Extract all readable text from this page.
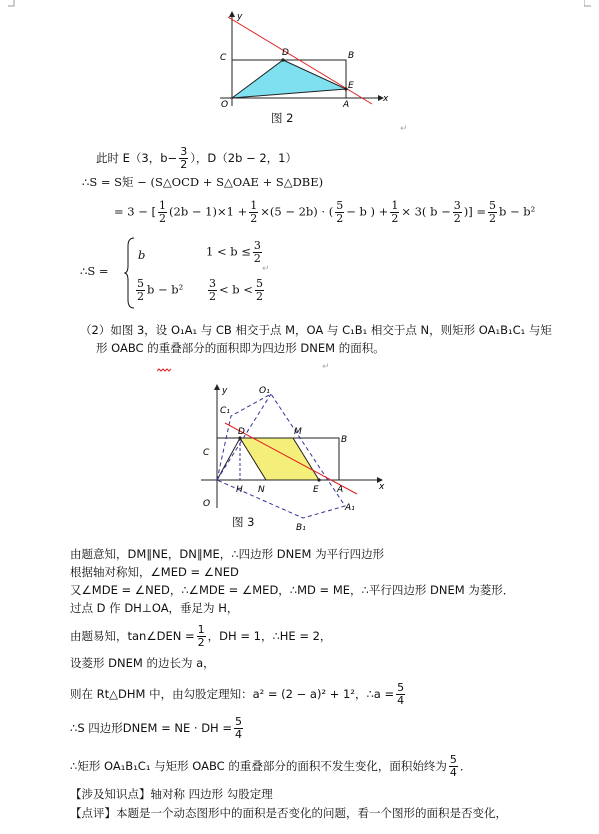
y
x
O
C	D	B
E
A
图 2
↵
此时 E（3，$b- \frac{3}{2}$ ），D（2b − 2，1）
∴S = S矩 − (S△OCD + S△OAE + S△DBE)
= 3 − [ $\frac{1}{2} (2b - 1)\times 1 + \frac{1}{2} \times(5 - 2b)$ · ( $\frac{5}{2} - b$ ) + $\frac{1}{2} \times 3$( $b - \frac{3}{2}$ )] = $\frac{5}{2}$ b − b²
∴S =
b	$1 < b \le \frac{3}{2}$
↵
$\frac{5}{2}$ $b - b^2 \frac{3}{2} < b < \frac{5}{2}$
（2）如图 3，设 O₁A₁ 与 CB 相交于点 M，OA 与 C₁B₁ 相交于点 N，则矩形 OA₁B₁C₁ 与矩
形 OABC 的重叠部分的面积即为四边形 DNEM 的面积。
↵
y
x
O
C
D	M
B
H N	E A
C₁
O₁
A₁
B₁
图 3
由题意知，DM∥NE，DN∥ME，∴四边形 DNEM 为平行四边形
根据轴对称知，∠MED = ∠NED
又∠MDE = ∠NED，∴∠MDE = ∠MED，∴MD = ME，∴平行四边形 DNEM 为菱形．
过点 D 作 DH⊥OA，垂足为 H，
由题易知，tan∠DEN = $\frac{1}{2}$ ，DH = 1，∴HE = 2，
设菱形 DNEM 的边长为 a，
则在 Rt△DHM 中，由勾股定理知：a² = (2 − a)² + 1²，∴a = $\frac{5}{4}$
∴S 四边形DNEM = NE · DH = $\frac{5}{4}$
∴矩形 OA₁B₁C₁ 与矩形 OABC 的重叠部分的面积不发生变化，面积始终为 $\frac{5}{4}$ ．
【涉及知识点】轴对称 四边形 勾股定理
【点评】本题是一个动态图形中的面积是否变化的问题，看一个图形的面积是否变化，
